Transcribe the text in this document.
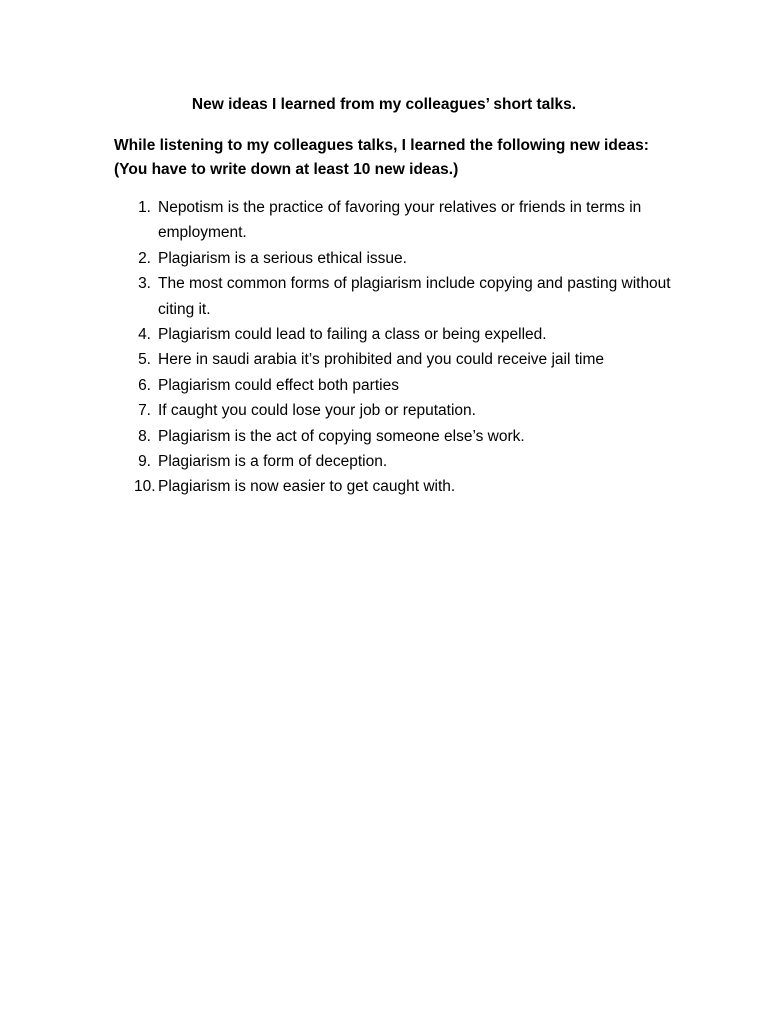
New ideas I learned from my colleagues’ short talks.

While listening to my colleagues talks, I learned the following new ideas:
(You have to write down at least 10 new ideas.)

1. Nepotism is the practice of favoring your relatives or friends in terms in employment.
2. Plagiarism is a serious ethical issue.
3. The most common forms of plagiarism include copying and pasting without citing it.
4. Plagiarism could lead to failing a class or being expelled.
5. Here in saudi arabia it’s prohibited and you could receive jail time
6. Plagiarism could effect both parties
7. If caught you could lose your job or reputation.
8. Plagiarism is the act of copying someone else’s work.
9. Plagiarism is a form of deception.
10. Plagiarism is now easier to get caught with.
